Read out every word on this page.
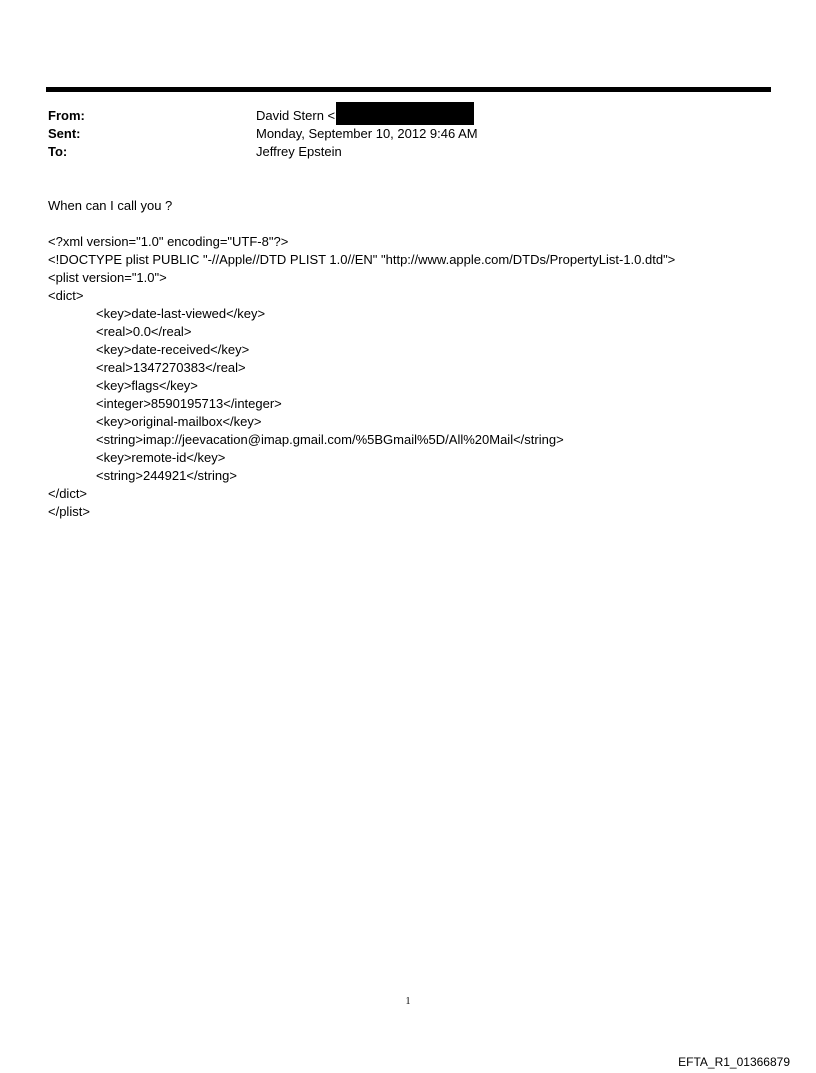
From:	David Stern <
Sent:	Monday, September 10, 2012 9:46 AM
To:	Jeffrey Epstein
When can I call you ?
<?xml version="1.0" encoding="UTF-8"?>
<!DOCTYPE plist PUBLIC "-//Apple//DTD PLIST 1.0//EN" "http://www.apple.com/DTDs/PropertyList-1.0.dtd">
<plist version="1.0">
<dict>
<key>date-last-viewed</key>
<real>0.0</real>
<key>date-received</key>
<real>1347270383</real>
<key>flags</key>
<integer>8590195713</integer>
<key>original-mailbox</key>
<string>imap://jeevacation@imap.gmail.com/%5BGmail%5D/All%20Mail</string>
<key>remote-id</key>
<string>244921</string>
</dict>
</plist>
1
EFTA_R1_01366879
